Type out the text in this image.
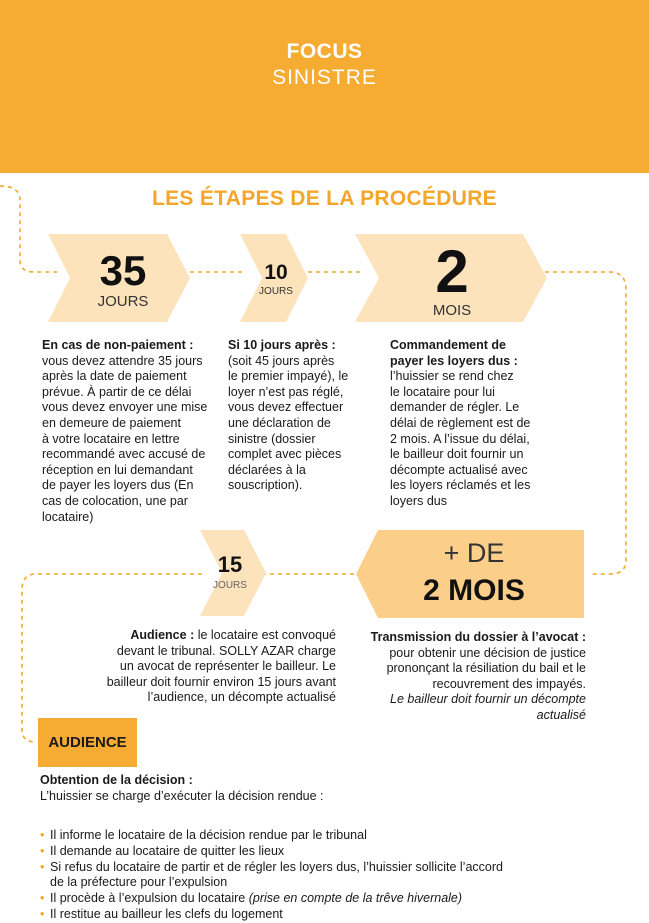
FOCUS
SINISTRE
LES ÉTAPES DE LA PROCÉDURE
35
JOURS
10
JOURS	2
MOIS
15
JOURS
+ DE
2 MOIS
En cas de non-paiement :
vous devez attendre 35 jours
après la date de paiement
prévue. À partir de ce délai
vous devez envoyer une mise
en demeure de paiement
à votre locataire en lettre
recommandé avec accusé de
réception en lui demandant
de payer les loyers dus (En
cas de colocation, une par
locataire)
Si 10 jours après :
(soit 45 jours après
le premier impayé), le
loyer n’est pas réglé,
vous devez effectuer
une déclaration de
sinistre (dossier
complet avec pièces
déclarées à la
souscription).
Commandement de
payer les loyers dus :
l’huissier se rend chez
le locataire pour lui
demander de régler. Le
délai de règlement est de
2 mois. A l’issue du délai,
le bailleur doit fournir un
décompte actualisé avec
les loyers réclamés et les
loyers dus
Audience : le locataire est convoqué
devant le tribunal. SOLLY AZAR charge
un avocat de représenter le bailleur. Le
bailleur doit fournir environ 15 jours avant
l’audience, un décompte actualisé
Transmission du dossier à l’avocat :
pour obtenir une décision de justice
prononçant la résiliation du bail et le
recouvrement des impayés.
Le bailleur doit fournir un décompte
actualisé
AUDIENCE
Obtention de la décision :
L’huissier se charge d’exécuter la décision rendue :
• Il informe le locataire de la décision rendue par le tribunal
• Il demande au locataire de quitter les lieux
• Si refus du locataire de partir et de régler les loyers dus, l’huissier sollicite l’accord
de la préfecture pour l’expulsion
• Il procède à l’expulsion du locataire (prise en compte de la trêve hivernale)
• Il restitue au bailleur les clefs du logement
